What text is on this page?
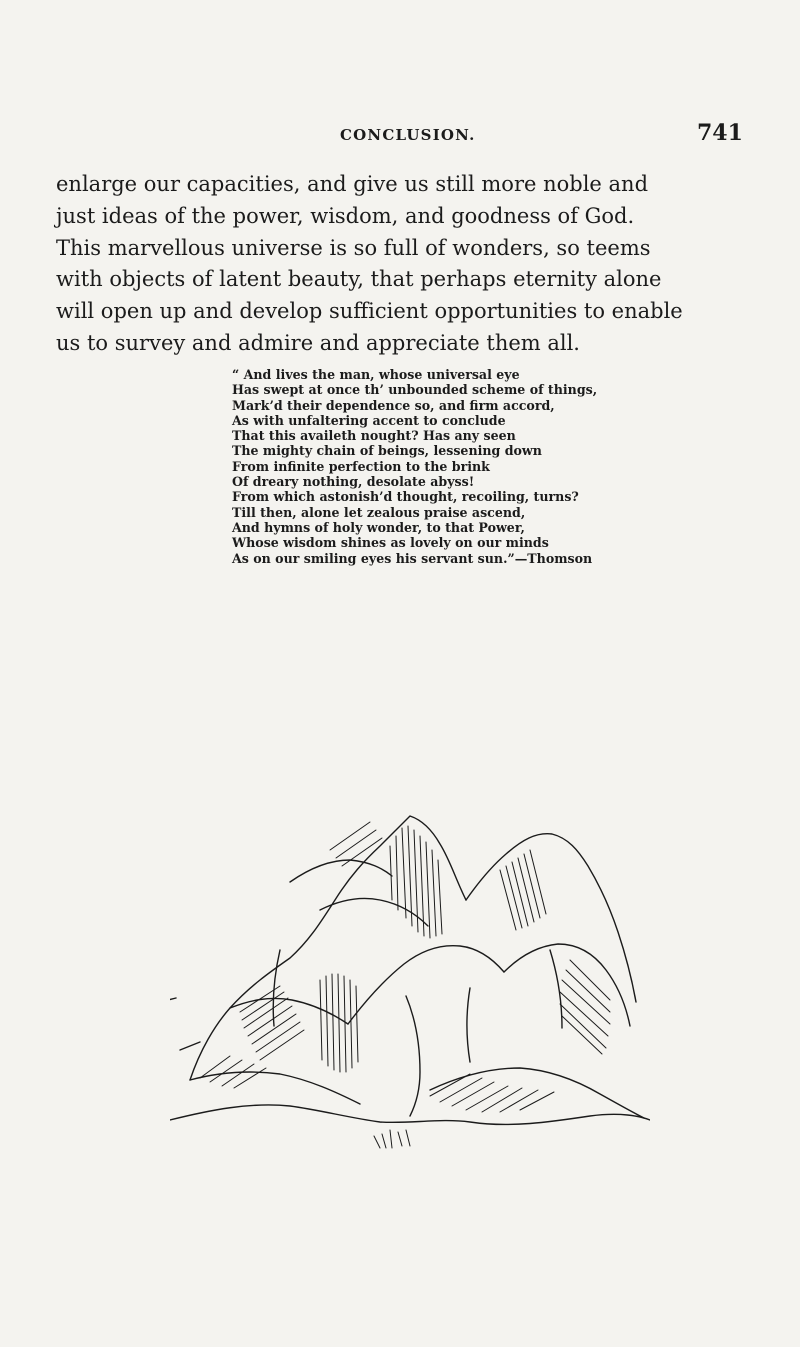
CONCLUSION.	741
enlarge our capacities, and give us still more noble and
just ideas of the power, wisdom, and goodness of God.
This marvellous universe is so full of wonders, so teems
with objects of latent beauty, that perhaps eternity alone
will open up and develop sufficient opportunities to enable
us to survey and admire and appreciate them all.
“ And lives the man, whose universal eye
Has swept at once th’ unbounded scheme of things,
Mark’d their dependence so, and firm accord,
As with unfaltering accent to conclude
That this availeth nought? Has any seen
The mighty chain of beings, lessening down
From infinite perfection to the brink
Of dreary nothing, desolate abyss!
From which astonish’d thought, recoiling, turns?
Till then, alone let zealous praise ascend,
And hymns of holy wonder, to that Power,
Whose wisdom shines as lovely on our minds
As on our smiling eyes his servant sun.”—Thomson
